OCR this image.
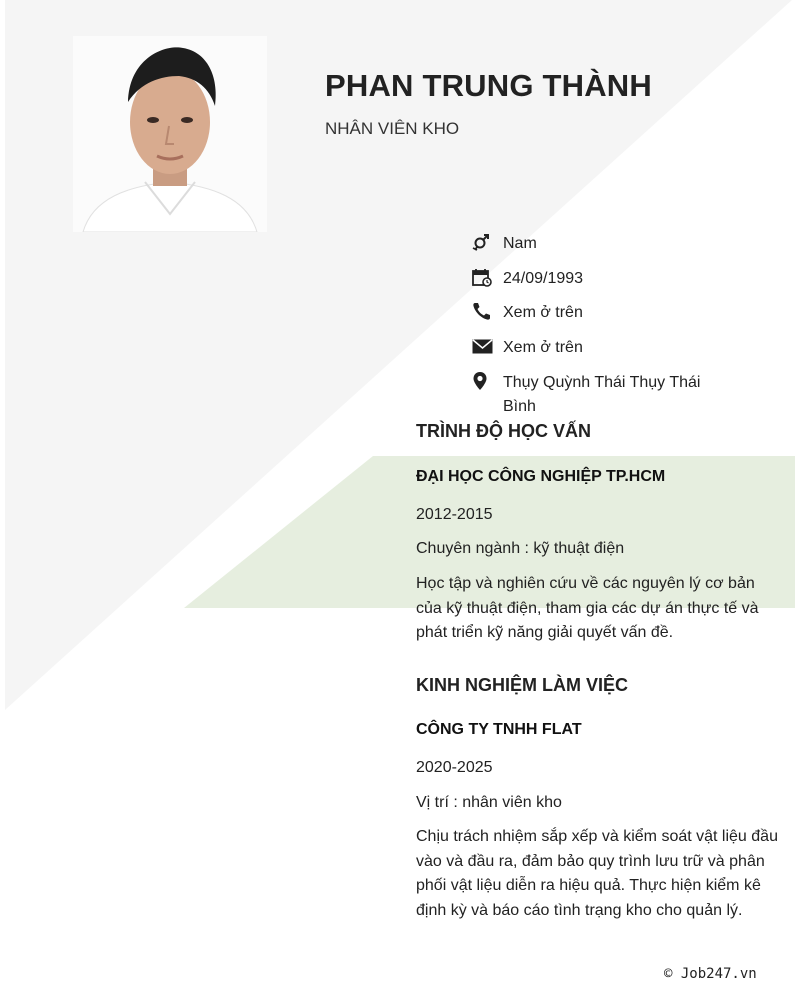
PHAN TRUNG THÀNH

NHÂN VIÊN KHO

Nam
24/09/1993
Xem ở trên
Xem ở trên
Thụy Quỳnh Thái Thụy Thái Bình
TRÌNH ĐỘ HỌC VẤN

ĐẠI HỌC CÔNG NGHIỆP TP.HCM

2012-2015

Chuyên ngành : kỹ thuật điện

Học tập và nghiên cứu về các nguyên lý cơ bản của kỹ thuật điện, tham gia các dự án thực tế và phát triển kỹ năng giải quyết vấn đề.

KINH NGHIỆM LÀM VIỆC

CÔNG TY TNHH FLAT

2020-2025

Vị trí : nhân viên kho

Chịu trách nhiệm sắp xếp và kiểm soát vật liệu đầu vào và đầu ra, đảm bảo quy trình lưu trữ và phân phối vật liệu diễn ra hiệu quả. Thực hiện kiểm kê định kỳ và báo cáo tình trạng kho cho quản lý.

© Job247.vn
